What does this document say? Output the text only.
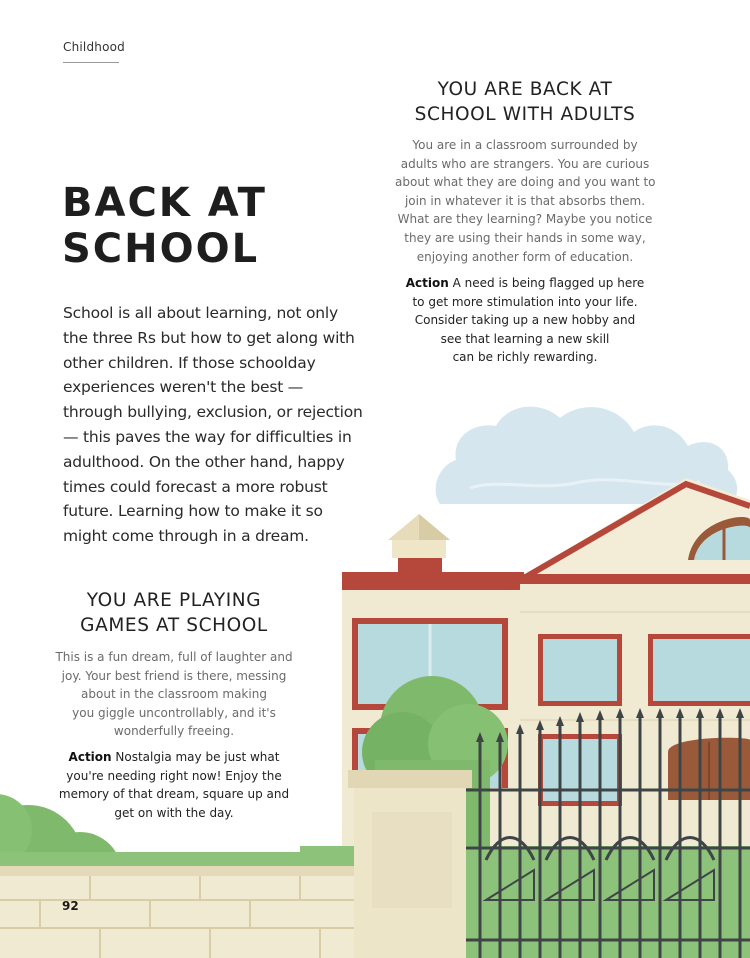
Childhood
BACK AT
SCHOOL

School is all about learning, not only the three Rs but how to get along with other children. If those schoolday experiences weren't the best — through bullying, exclusion, or rejection — this paves the way for difficulties in adulthood. On the other hand, happy times could forecast a more robust future. Learning how to make it so might come through in a dream.

YOU ARE BACK AT
SCHOOL WITH ADULTS
You are in a classroom surrounded by
adults who are strangers. You are curious
about what they are doing and you want to
join in whatever it is that absorbs them.
What are they learning? Maybe you notice
they are using their hands in some way,
enjoying another form of education.
Action A need is being flagged up here
to get more stimulation into your life.
Consider taking up a new hobby and
see that learning a new skill
can be richly rewarding.
YOU ARE PLAYING
GAMES AT SCHOOL
This is a fun dream, full of laughter and
joy. Your best friend is there, messing
about in the classroom making
you giggle uncontrollably, and it's
wonderfully freeing.
Action Nostalgia may be just what
you're needing right now! Enjoy the
memory of that dream, square up and
get on with the day.
92
